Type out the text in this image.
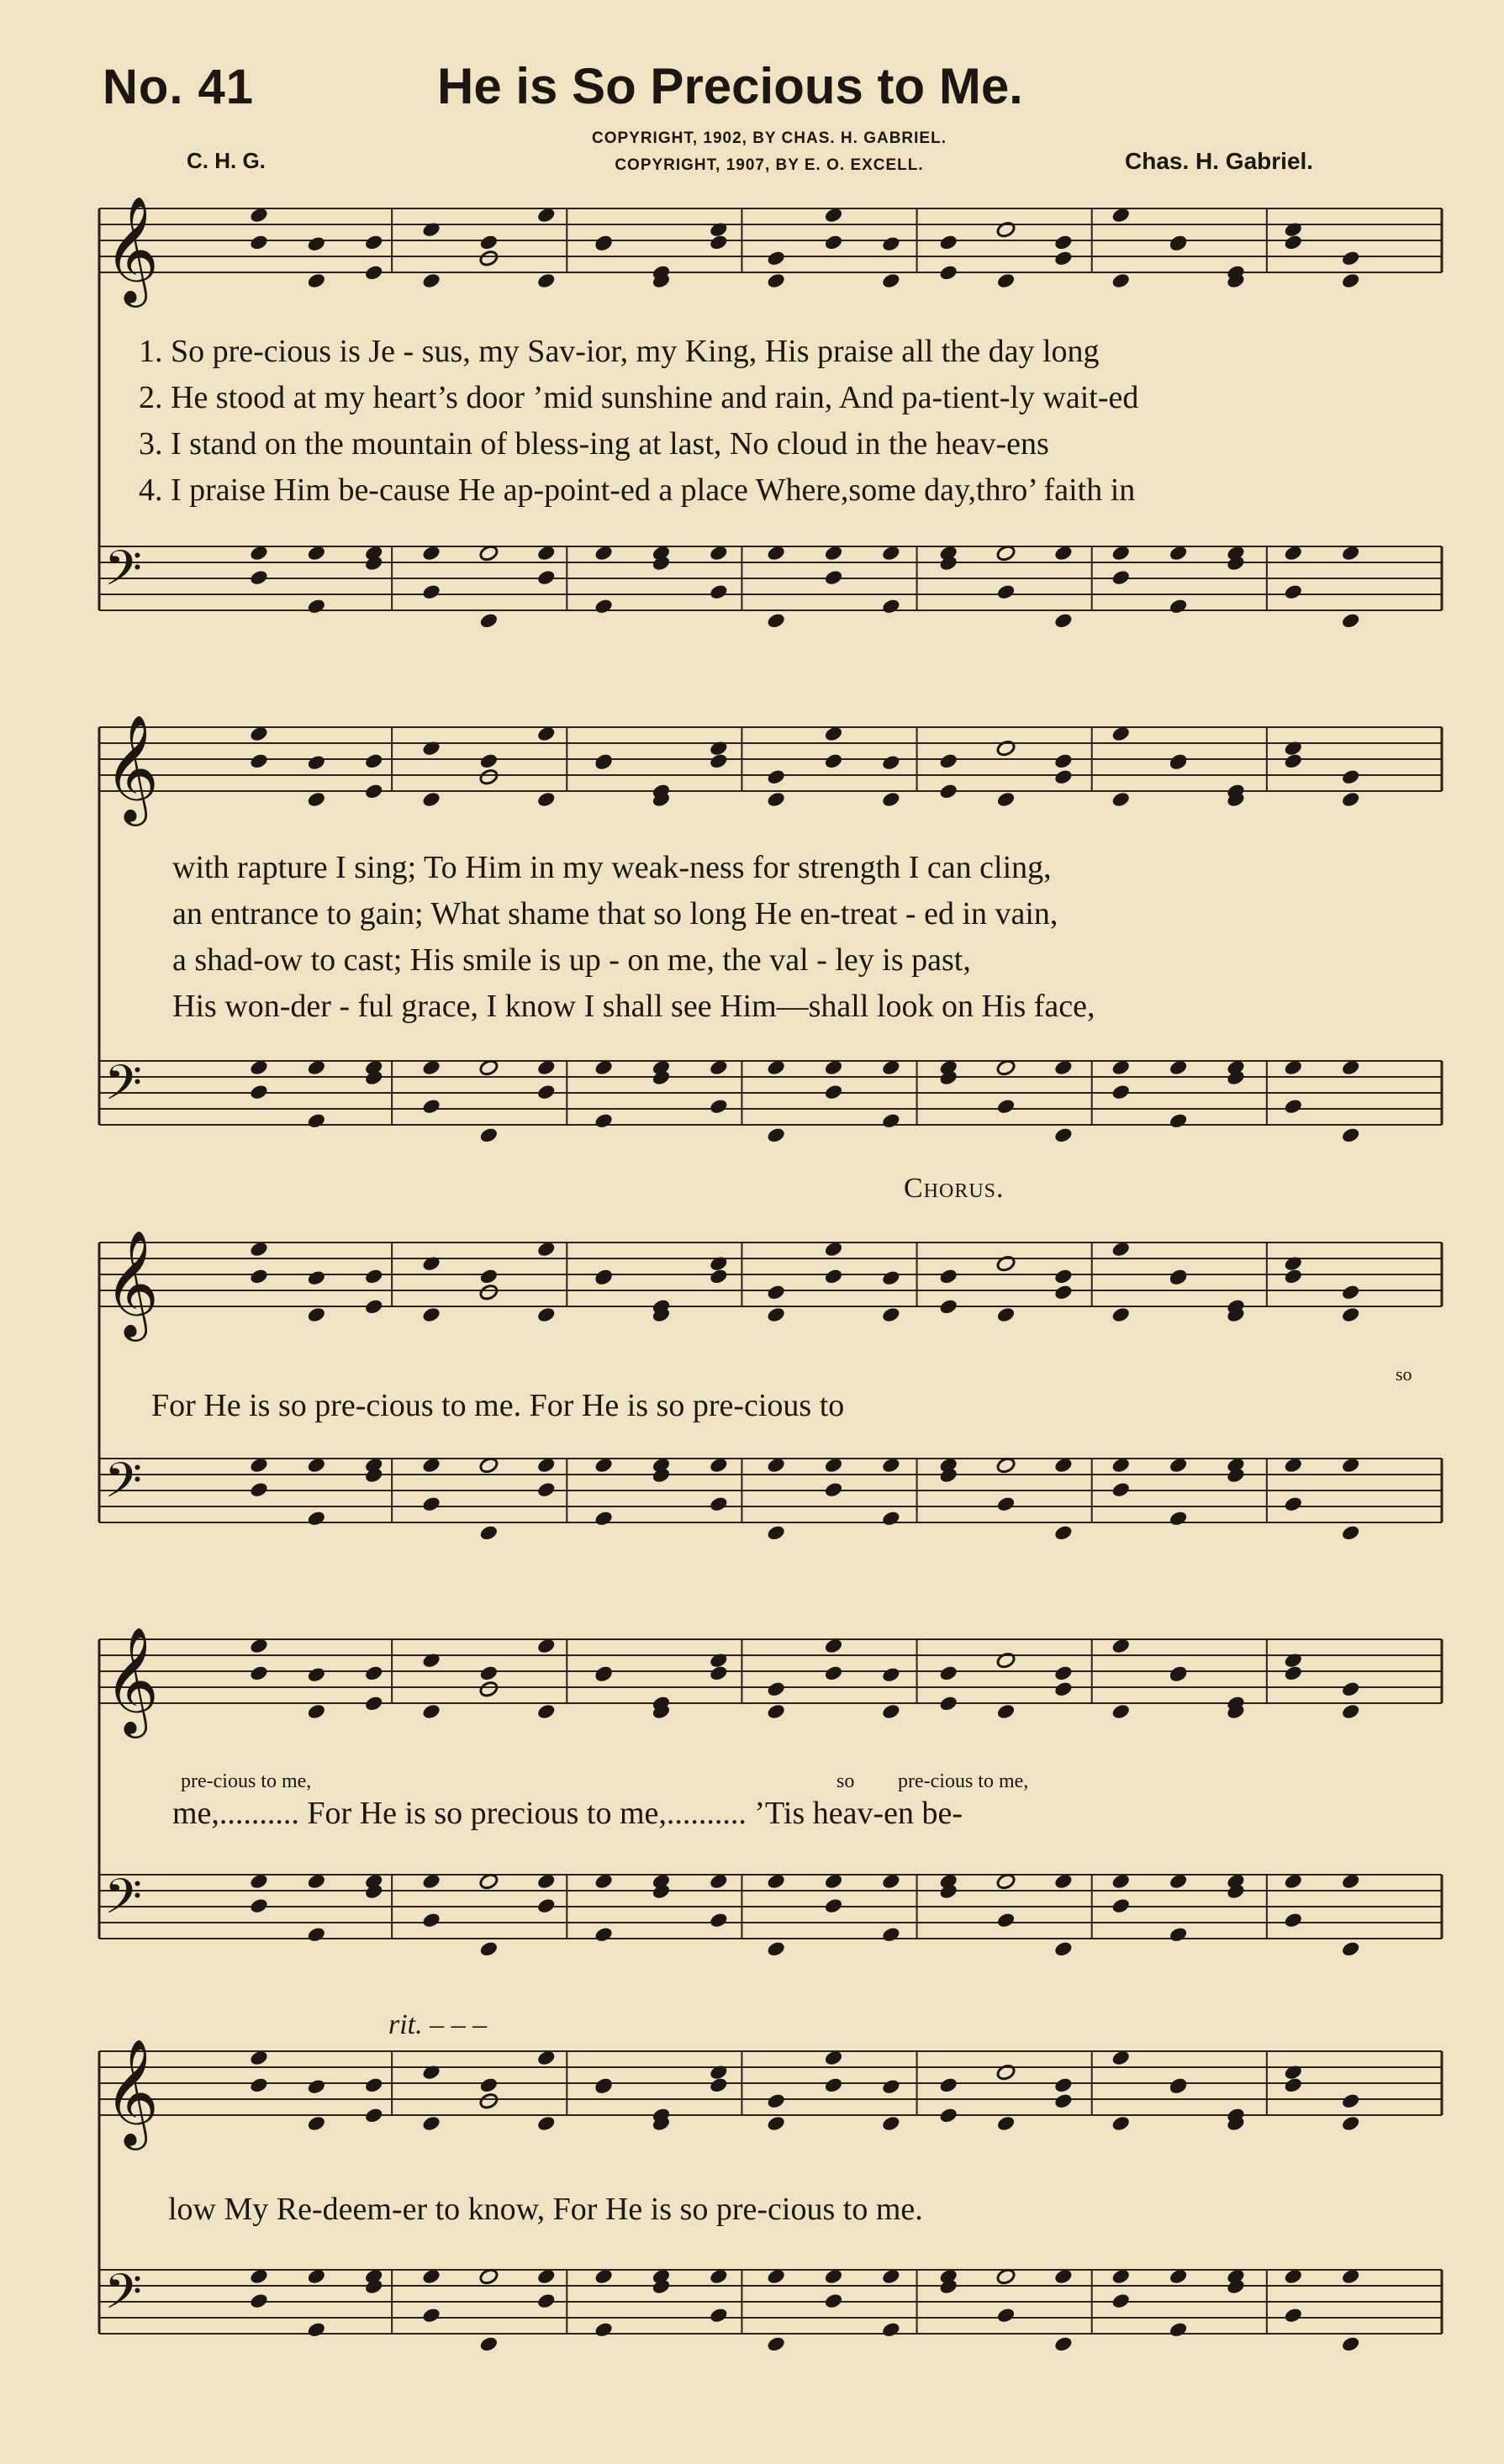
No. 41	He is So Precious to Me.
C. H. G.
COPYRIGHT, 1902, BY CHAS. H. GABRIEL.
COPYRIGHT, 1907, BY E. O. EXCELL.	Chas. H. Gabriel.
𝄞
𝄢
𝄞
𝄢
𝄞
𝄢
𝄞
𝄢
𝄞
𝄢
1. So pre-cious is Je - sus, my Sav-ior, my King, His praise all the day long
2. He stood at my heart’s door ’mid sunshine and rain, And pa-tient-ly wait-ed
3. I stand on the mountain of bless-ing at last, No cloud in the heav-ens
4. I praise Him be-cause He ap-point-ed a place Where,some day,thro’ faith in
with rapture I sing; To Him in my weak-ness for strength I can cling,
an entrance to gain; What shame that so long He en-treat - ed in vain,
a shad-ow to cast; His smile is up - on me, the val - ley is past,
His won-der - ful grace, I know I shall see Him—shall look on His face,
Chorus.
For He is so pre-cious to me. For He is so pre-cious to
so
pre-cious to me,	so pre-cious to me,
me,.......... For He is so precious to me,.......... ’Tis heav-en be-
rit. – – –
low My Re-deem-er to know, For He is so pre-cious to me.
